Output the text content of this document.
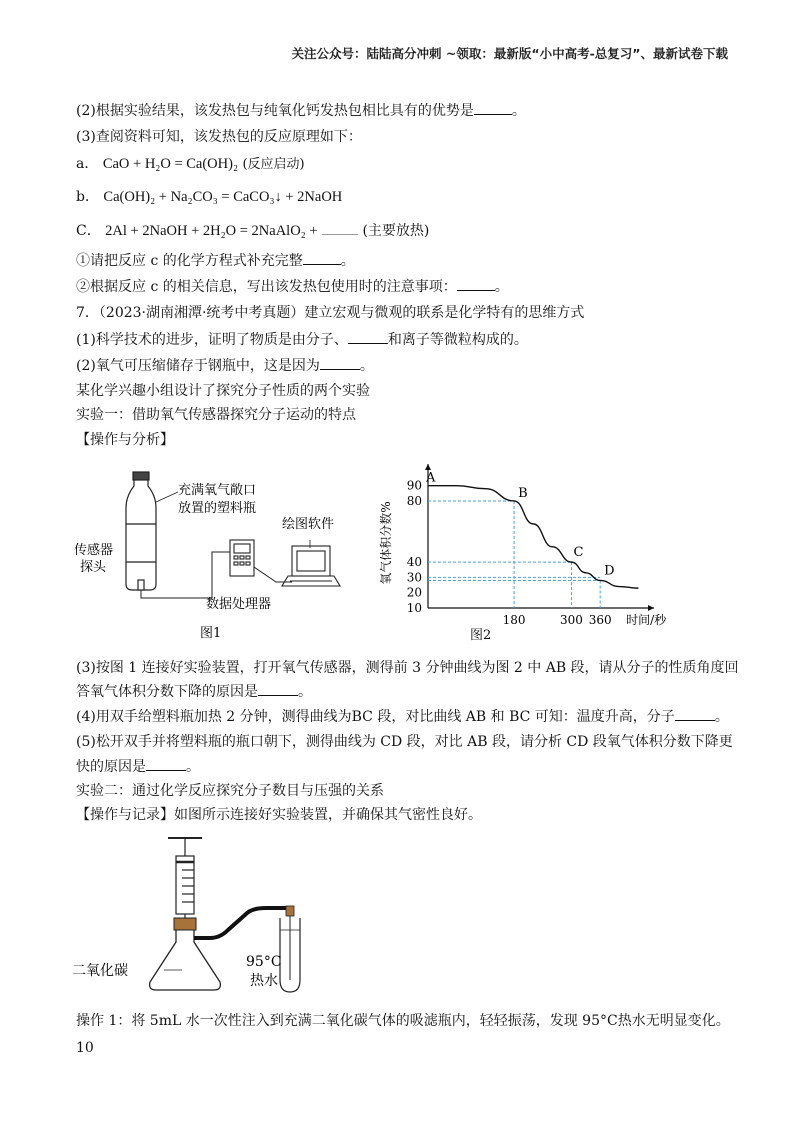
关注公众号：陆陆高分冲刺 ~领取：最新版“小中高考-总复习”、最新试卷下载
(2)根据实验结果，该发热包与纯氧化钙发热包相比具有的优势是	。
(3)查阅资料可知，该发热包的反应原理如下：
a． CaO + H₂O = Ca(OH)₂ (反应启动)
b． Ca(OH)₂ + Na₂CO₃ = CaCO₃↓ + 2NaOH
C． 2Al + 2NaOH + 2H₂O = 2NaAlO₂ +	(主要放热)
①请把反应 c 的化学方程式补充完整	。
②根据反应 c 的相关信息，写出该发热包使用时的注意事项：	。
7．（2023·湖南湘潭·统考中考真题）建立宏观与微观的联系是化学特有的思维方式
(1)科学技术的进步，证明了物质是由分子、	和离子等微粒构成的。
(2)氧气可压缩储存于钢瓶中，这是因为	。
某化学兴趣小组设计了探究分子性质的两个实验
实验一：借助氧气传感器探究分子运动的特点
【操作与分析】
充满氧气敞口
放置的塑料瓶
绘图软件
传感器
探头
数据处理器
图1
10
20
30
40
80
90
180	300 360
A
B
C
D
氧气体积分数%
时间/秒
图2
(3)按图 1 连接好实验装置，打开氧气传感器，测得前 3 分钟曲线为图 2 中 AB 段，请从分子的性质角度回
答氧气体积分数下降的原因是	。
(4)用双手给塑料瓶加热 2 分钟，测得曲线为BC 段，对比曲线 AB 和 BC 可知：温度升高，分子	。
(5)松开双手并将塑料瓶的瓶口朝下，测得曲线为 CD 段，对比 AB 段，请分析 CD 段氧气体积分数下降更
快的原因是	。
实验二：通过化学反应探究分子数目与压强的关系
【操作与记录】如图所示连接好实验装置，并确保其气密性良好。
二氧化碳
95°C
热水
操作 1：将 5mL 水一次性注入到充满二氧化碳气体的吸滤瓶内，轻轻振荡，发现 95°C热水无明显变化。
10
